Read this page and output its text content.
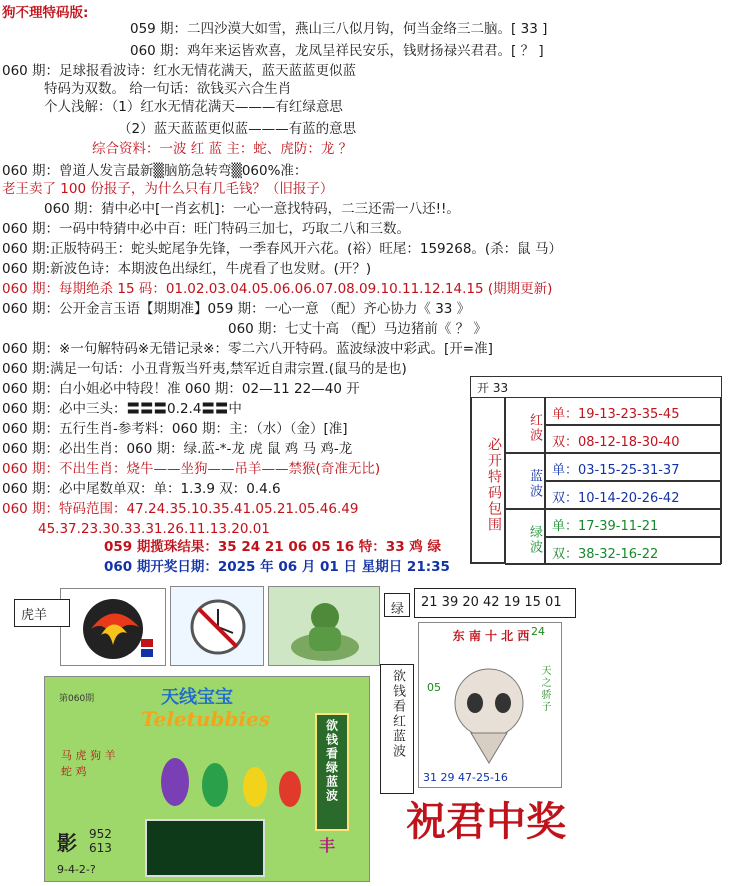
狗不理特码版:
059 期：二四沙漠大如雪，燕山三八似月钩，何当金络三二脑。[ 33 ]
060 期：鸡年来运皆欢喜，龙凤呈祥民安乐，钱财扬禄兴君君。[ ？ ]
060 期：足球报看波诗：红水无情花满天，蓝天蓝蓝更似蓝
特码为双数。 给一句话：欲钱买六合生肖
个人浅解：（1）红水无情花满天———有红绿意思
（2）蓝天蓝蓝更似蓝———有蓝的意思
综合资料：一波 红 蓝 主：蛇、虎防：龙 ？
060 期：曾道人发言最新▒脑筋急转弯▒060%准：
老王卖了 100 份报子，为什么只有几毛钱？（旧报子）
060 期：猜中必中[一肖玄机]：一心一意找特码，二三还需一八还!!。
060 期：一码中特猜中必中百：旺门特码三加七，巧取二八和三数。
060 期:正版特码王：蛇头蛇尾争先锋，一季春风开六花。(裕）旺尾：159268。(杀：鼠 马）
060 期:新波色诗：本期波色出绿红，牛虎看了也发财。(开？)
060 期：每期绝杀 15 码：01.02.03.04.05.06.06.07.08.09.10.11.12.14.15 (期期更新)
060 期：公开金言玉语【期期准】059 期：一心一意 （配）齐心协力《 33 》
060 期：七丈十高 （配）马边猪前《 ？ 》
060 期：※一句解特码※无错记录※：零二六八开特码。蓝波绿波中彩武。[开=准]
060 期:满足一句话：小丑背叛当歼夷,禁军近自肃宗置.(鼠马的是也)
060 期：白小姐必中特段！准 060 期：02—11 22—40 开
060 期：必中三头：〓〓〓0.2.4〓〓中
060 期：五行生肖-参考料：060 期：主：（水）（金）[准]
060 期：必出生肖：060 期：绿.蓝-*-龙 虎 鼠 鸡 马 鸡-龙
060 期：不出生肖：烧牛——坐狗——吊羊——禁猴(奇准无比)
060 期：必中尾数单双：单：1.3.9 双：0.4.6
060 期：特码范围：47.24.35.10.35.41.05.21.05.46.49
45.37.23.30.33.31.26.11.13.20.01
059 期揽珠结果：35 24 21 06 05 16 特：33 鸡 绿
060 期开奖日期：2025 年 06 月 01 日 星期日 21:35
开 33
必开特码包围
红波 单：19-13-23-35-45
双：08-12-18-30-40
蓝波 单：03-15-25-31-37
双：10-14-20-26-42
绿波 单：17-39-11-21
双：38-32-16-22
虎羊	绿	21 39 20 42 19 15 01
欲钱看红蓝波
第060期	天线宝宝
Teletubbies
马 虎 狗 羊 蛇 鸡	欲钱看绿蓝波
影 952 613
9-4-2-?
丰
东 南 十 北 西 24
05	天之骄子
31 29 47-25-16
祝君中奖
